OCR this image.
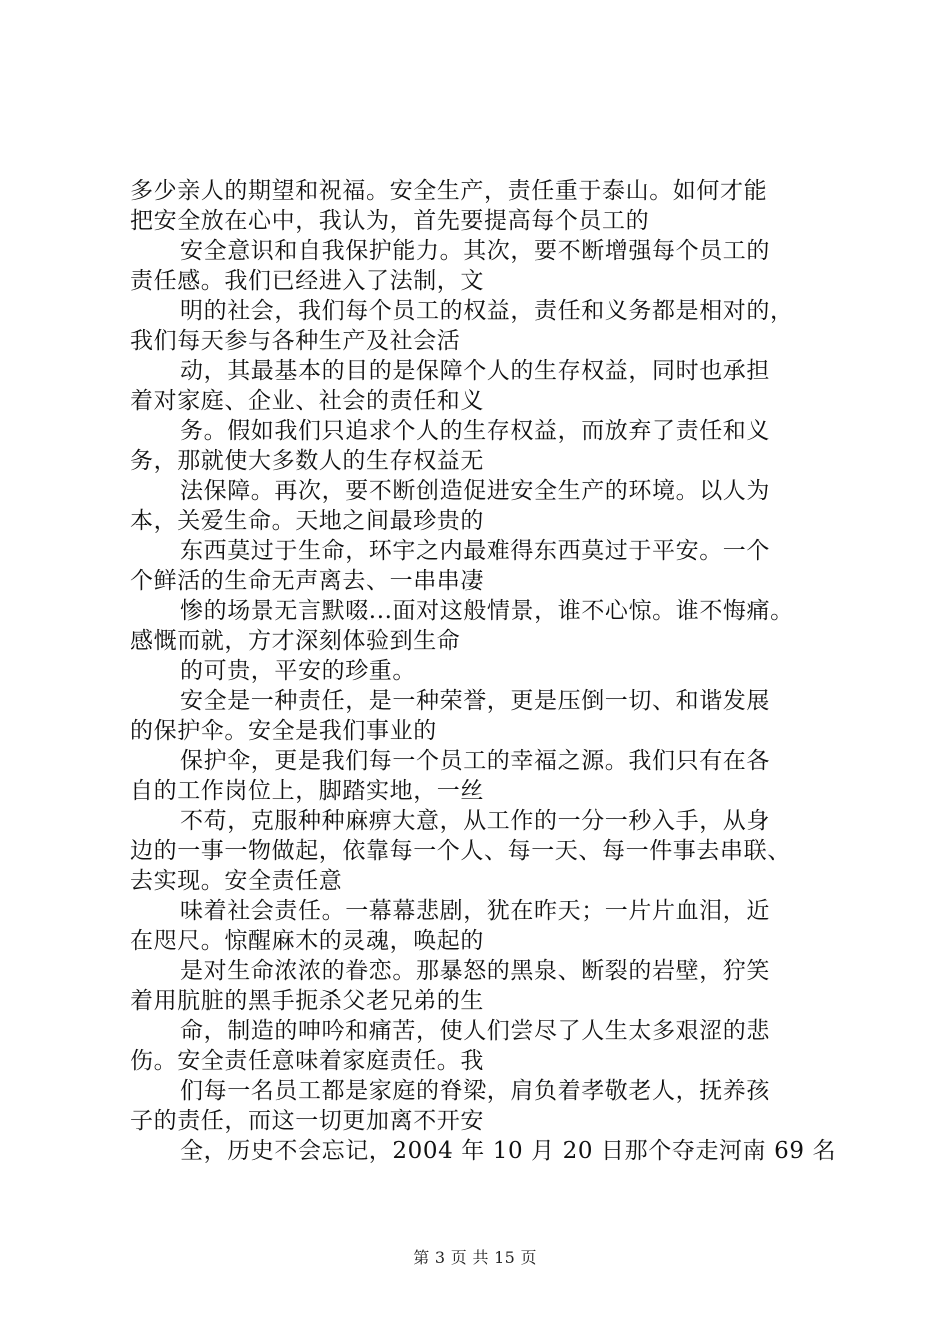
多少亲人的期望和祝福。安全生产，责任重于泰山。如何才能
把安全放在心中，我认为，首先要提高每个员工的
安全意识和自我保护能力。其次，要不断增强每个员工的
责任感。我们已经进入了法制，文
明的社会，我们每个员工的权益，责任和义务都是相对的，
我们每天参与各种生产及社会活
动，其最基本的目的是保障个人的生存权益，同时也承担
着对家庭、企业、社会的责任和义
务。假如我们只追求个人的生存权益，而放弃了责任和义
务，那就使大多数人的生存权益无
法保障。再次，要不断创造促进安全生产的环境。以人为
本，关爱生命。天地之间最珍贵的
东西莫过于生命，环宇之内最难得东西莫过于平安。一个
个鲜活的生命无声离去、一串串凄
惨的场景无言默啜...面对这般情景，谁不心惊。谁不悔痛。
感慨而就，方才深刻体验到生命
的可贵，平安的珍重。
安全是一种责任，是一种荣誉，更是压倒一切、和谐发展
的保护伞。安全是我们事业的
保护伞，更是我们每一个员工的幸福之源。我们只有在各
自的工作岗位上，脚踏实地，一丝
不苟，克服种种麻痹大意，从工作的一分一秒入手，从身
边的一事一物做起，依靠每一个人、每一天、每一件事去串联、
去实现。安全责任意
味着社会责任。一幕幕悲剧，犹在昨天；一片片血泪，近
在咫尺。惊醒麻木的灵魂，唤起的
是对生命浓浓的眷恋。那暴怒的黑泉、断裂的岩壁，狞笑
着用肮脏的黑手扼杀父老兄弟的生
命，制造的呻吟和痛苦，使人们尝尽了人生太多艰涩的悲
伤。安全责任意味着家庭责任。我
们每一名员工都是家庭的脊梁，肩负着孝敬老人，抚养孩
子的责任，而这一切更加离不开安
全，历史不会忘记，2004 年 10 月 20 日那个夺走河南 69 名
第 3 页 共 15 页
